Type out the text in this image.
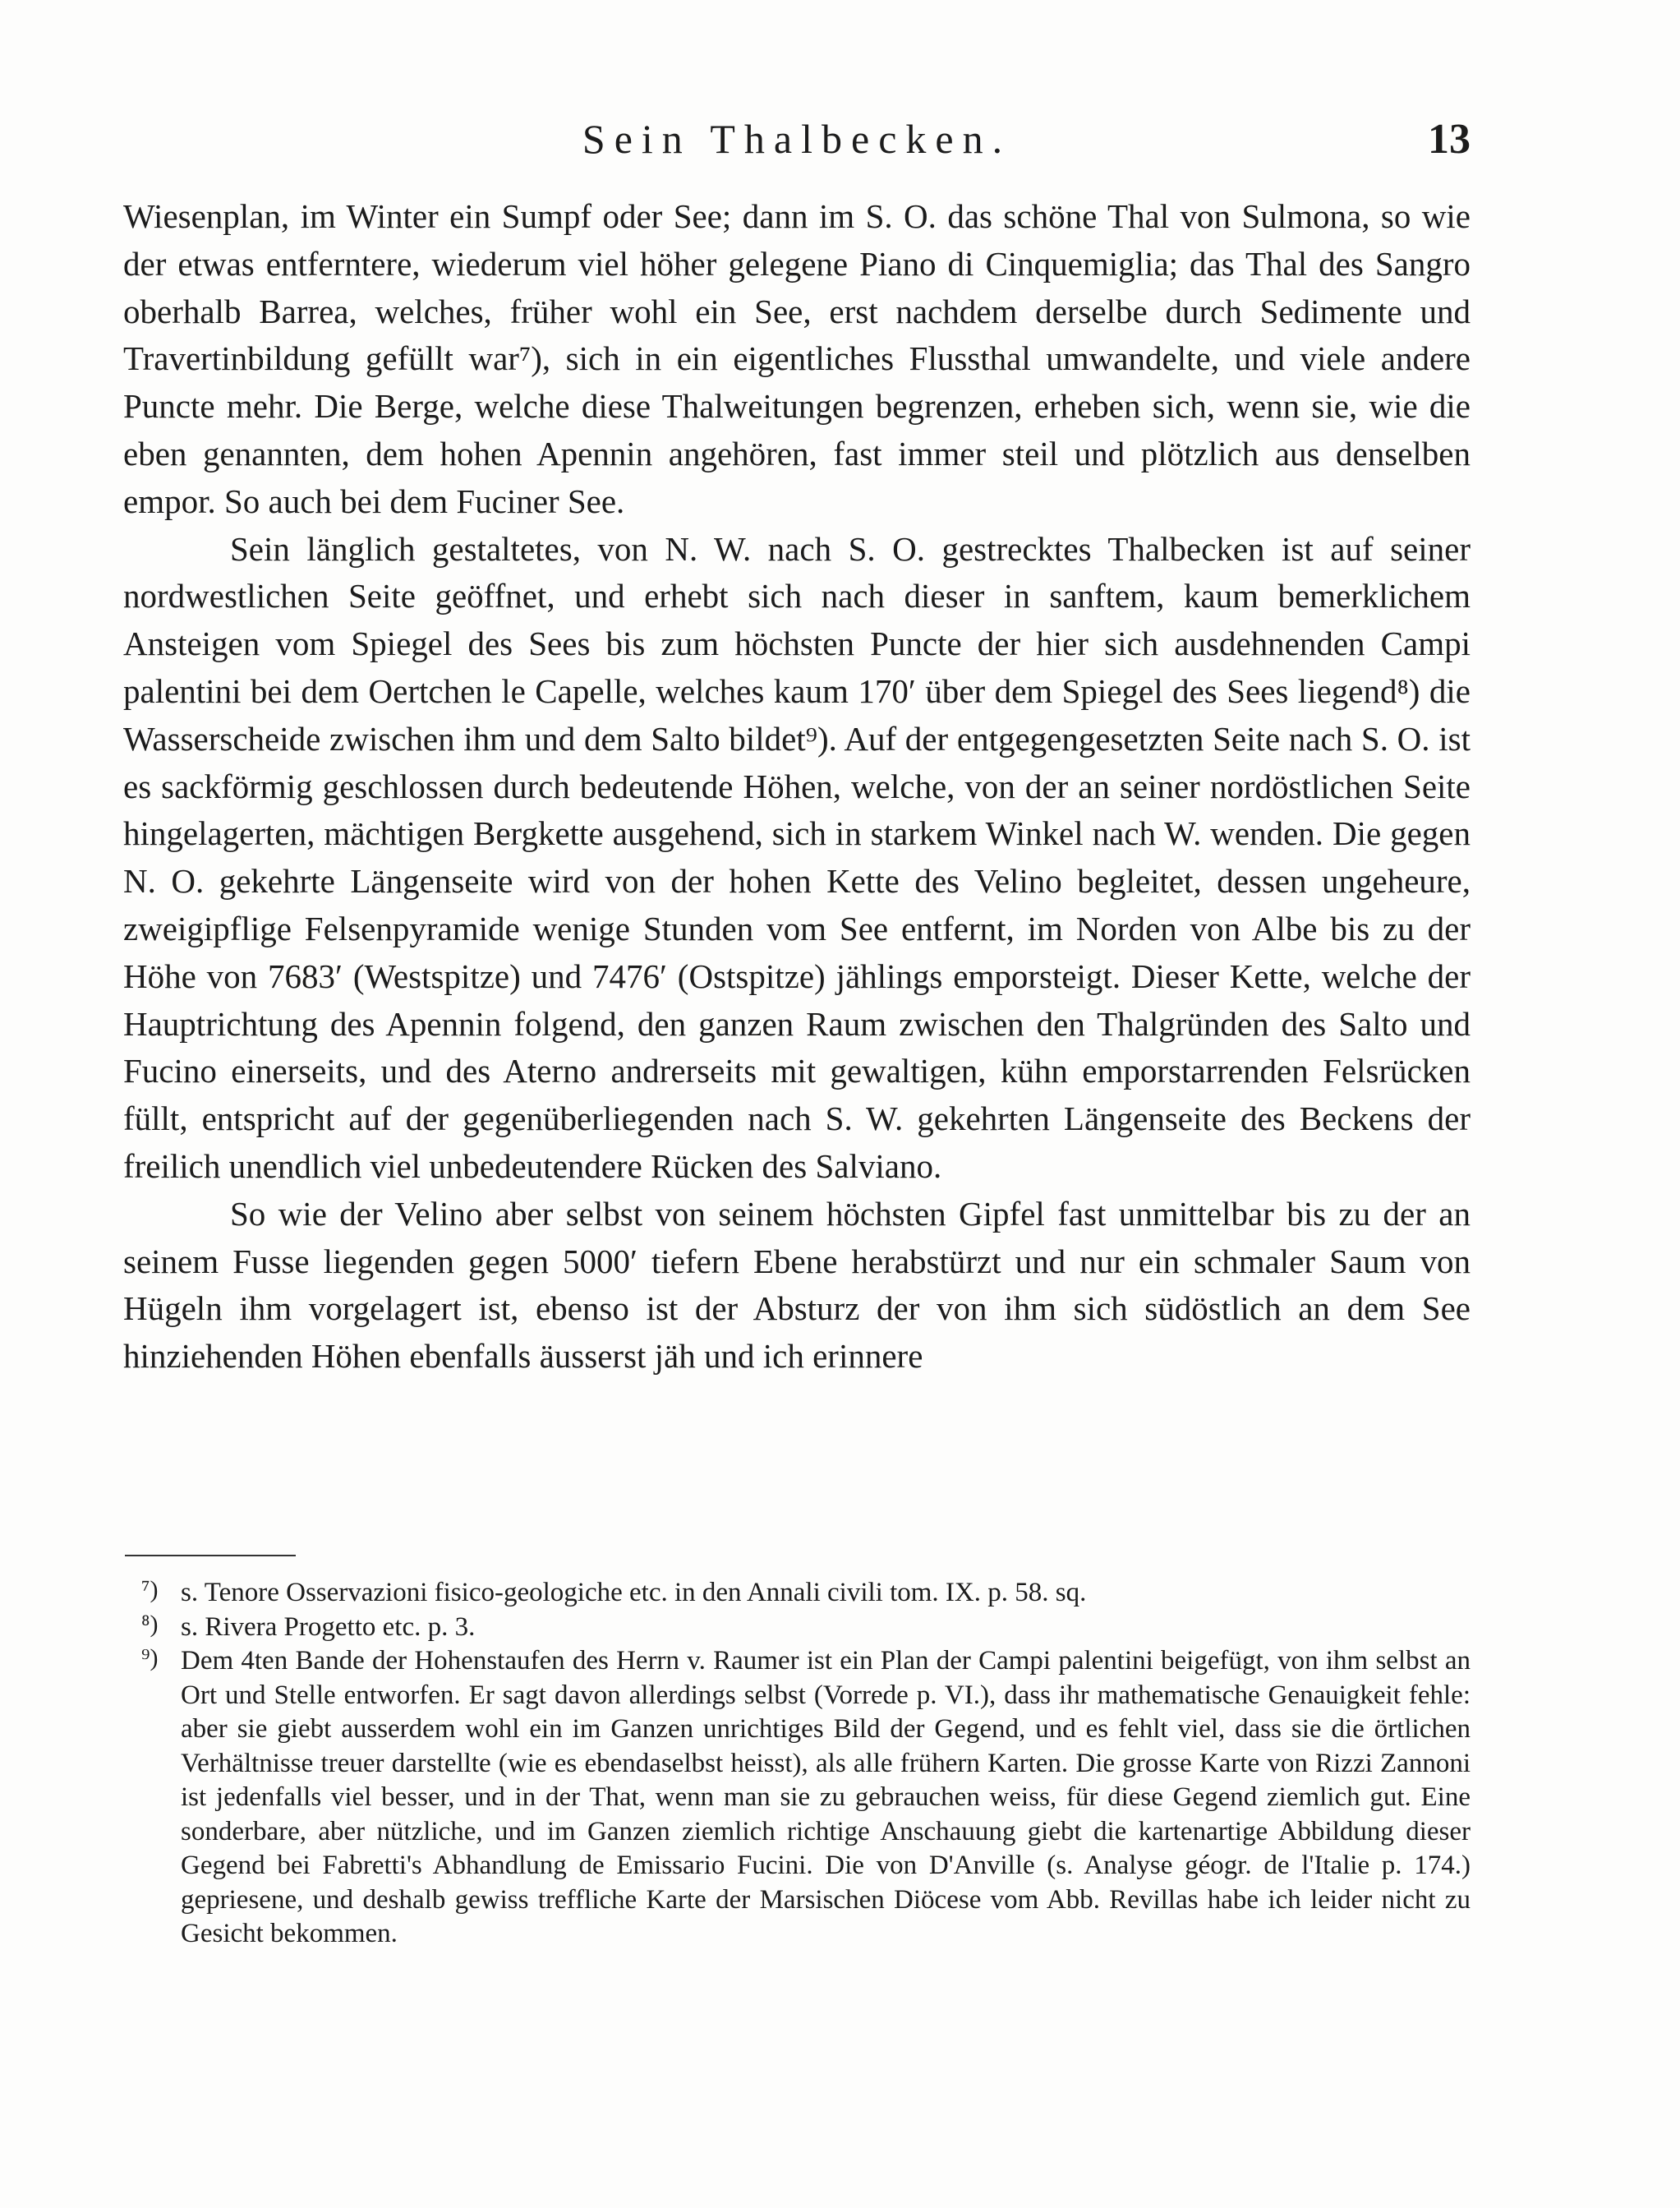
Sein Thalbecken.	13

Wiesenplan, im Winter ein Sumpf oder See; dann im S. O. das schöne Thal von Sulmona, so wie der etwas entferntere, wiederum viel höher gelegene Piano di Cinquemiglia; das Thal des Sangro oberhalb Barrea, welches, früher wohl ein See, erst nachdem derselbe durch Sedimente und Travertinbildung gefüllt war⁷), sich in ein eigentliches Flussthal umwandelte, und viele andere Puncte mehr. Die Berge, welche diese Thalweitungen begrenzen, erheben sich, wenn sie, wie die eben genannten, dem hohen Apennin angehören, fast immer steil und plötzlich aus denselben empor. So auch bei dem Fuciner See.

Sein länglich gestaltetes, von N. W. nach S. O. gestrecktes Thalbecken ist auf seiner nordwestlichen Seite geöffnet, und erhebt sich nach dieser in sanftem, kaum bemerklichem Ansteigen vom Spiegel des Sees bis zum höchsten Puncte der hier sich ausdehnenden Campi palentini bei dem Oertchen le Capelle, welches kaum 170′ über dem Spiegel des Sees liegend⁸) die Wasserscheide zwischen ihm und dem Salto bildet⁹). Auf der entgegengesetzten Seite nach S. O. ist es sackförmig geschlossen durch bedeutende Höhen, welche, von der an seiner nordöstlichen Seite hingelagerten, mächtigen Bergkette ausgehend, sich in starkem Winkel nach W. wenden. Die gegen N. O. gekehrte Längenseite wird von der hohen Kette des Velino begleitet, dessen ungeheure, zweigipflige Felsenpyramide wenige Stunden vom See entfernt, im Norden von Albe bis zu der Höhe von 7683′ (Westspitze) und 7476′ (Ostspitze) jählings emporsteigt. Dieser Kette, welche der Hauptrichtung des Apennin folgend, den ganzen Raum zwischen den Thalgründen des Salto und Fucino einerseits, und des Aterno andrerseits mit gewaltigen, kühn emporstarrenden Felsrücken füllt, entspricht auf der gegenüberliegenden nach S. W. gekehrten Längenseite des Beckens der freilich unendlich viel unbedeutendere Rücken des Salviano.

So wie der Velino aber selbst von seinem höchsten Gipfel fast unmittelbar bis zu der an seinem Fusse liegenden gegen 5000′ tiefern Ebene herabstürzt und nur ein schmaler Saum von Hügeln ihm vorgelagert ist, ebenso ist der Absturz der von ihm sich südöstlich an dem See hinziehenden Höhen ebenfalls äusserst jäh und ich erinnere

⁷) s. Tenore Osservazioni fisico-geologiche etc. in den Annali civili tom. IX. p. 58. sq.

⁸) s. Rivera Progetto etc. p. 3.

⁹) Dem 4ten Bande der Hohenstaufen des Herrn v. Raumer ist ein Plan der Campi palentini beigefügt, von ihm selbst an Ort und Stelle entworfen. Er sagt davon allerdings selbst (Vorrede p. VI.), dass ihr mathematische Genauigkeit fehle: aber sie giebt ausserdem wohl ein im Ganzen unrichtiges Bild der Gegend, und es fehlt viel, dass sie die örtlichen Verhältnisse treuer darstellte (wie es ebendaselbst heisst), als alle frühern Karten. Die grosse Karte von Rizzi Zannoni ist jedenfalls viel besser, und in der That, wenn man sie zu gebrauchen weiss, für diese Gegend ziemlich gut. Eine sonderbare, aber nützliche, und im Ganzen ziemlich richtige Anschauung giebt die kartenartige Abbildung dieser Gegend bei Fabretti's Abhandlung de Emissario Fucini. Die von D'Anville (s. Analyse géogr. de l'Italie p. 174.) gepriesene, und deshalb gewiss treffliche Karte der Marsischen Diöcese vom Abb. Revillas habe ich leider nicht zu Gesicht bekommen.
